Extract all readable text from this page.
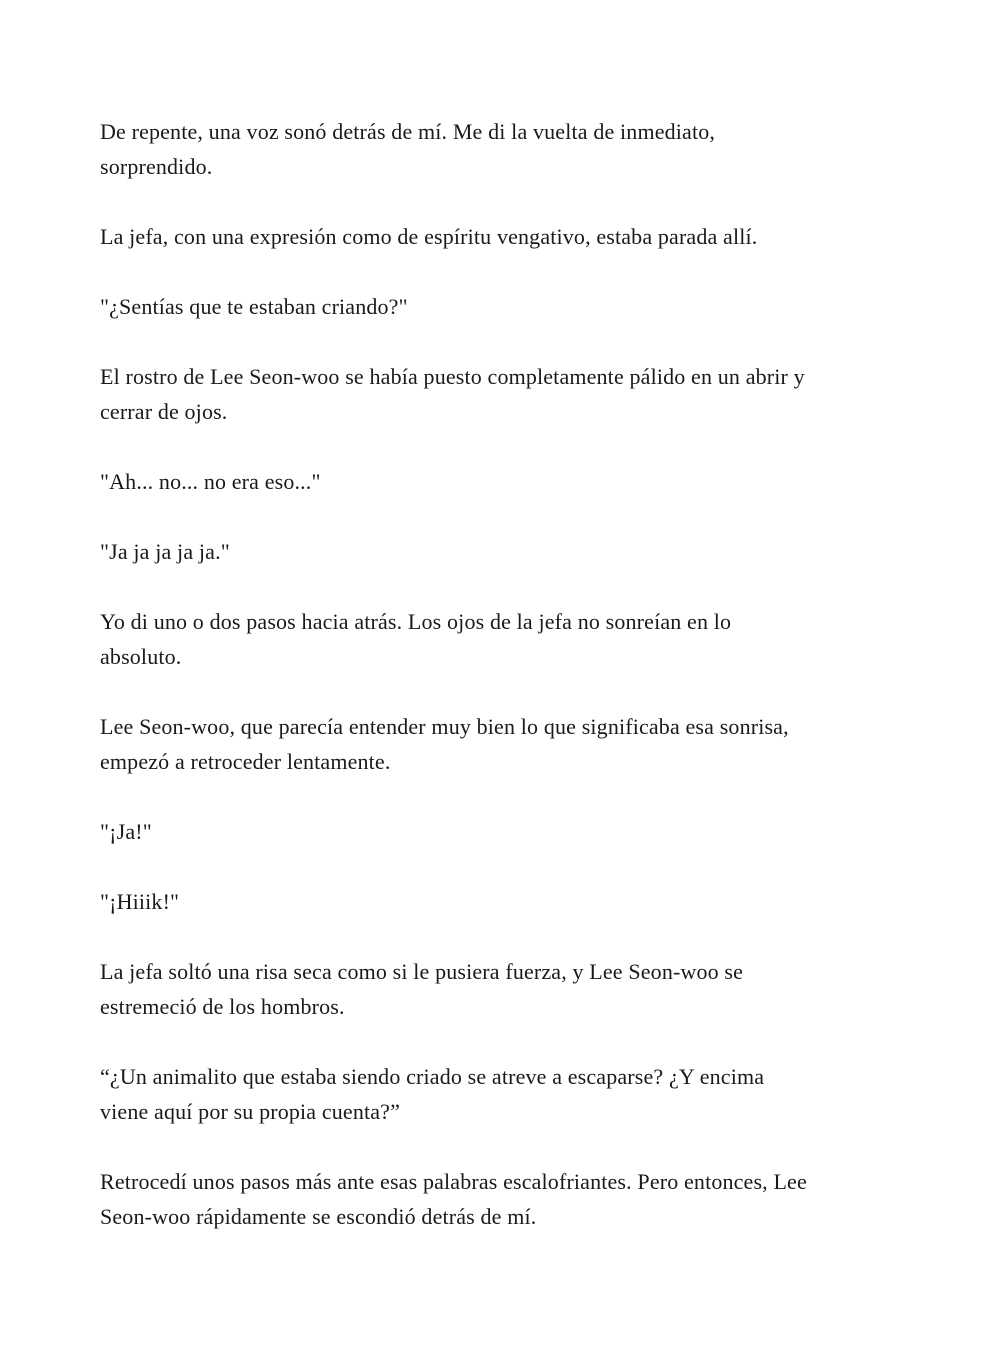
De repente, una voz sonó detrás de mí. Me di la vuelta de inmediato,
sorprendido.

La jefa, con una expresión como de espíritu vengativo, estaba parada allí.

"¿Sentías que te estaban criando?"

El rostro de Lee Seon-woo se había puesto completamente pálido en un abrir y
cerrar de ojos.

"Ah... no... no era eso..."

"Ja ja ja ja ja."

Yo di uno o dos pasos hacia atrás. Los ojos de la jefa no sonreían en lo
absoluto.

Lee Seon-woo, que parecía entender muy bien lo que significaba esa sonrisa,
empezó a retroceder lentamente.

"¡Ja!"

"¡Hiiik!"

La jefa soltó una risa seca como si le pusiera fuerza, y Lee Seon-woo se
estremeció de los hombros.

“¿Un animalito que estaba siendo criado se atreve a escaparse? ¿Y encima
viene aquí por su propia cuenta?”

Retrocedí unos pasos más ante esas palabras escalofriantes. Pero entonces, Lee
Seon-woo rápidamente se escondió detrás de mí.
